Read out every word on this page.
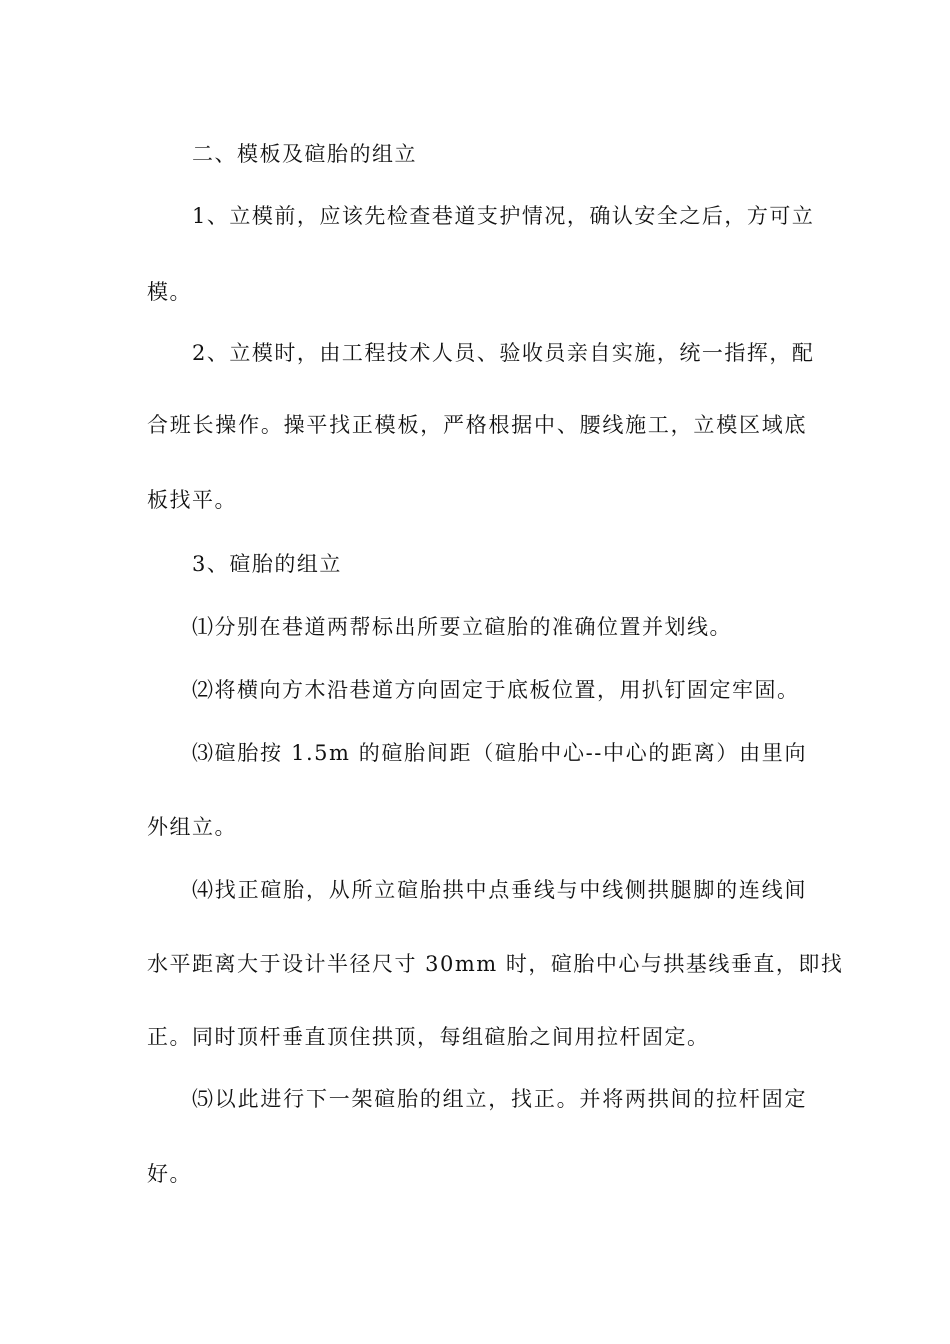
二、模板及碹胎的组立
1、立模前，应该先检查巷道支护情况，确认安全之后，方可立
模。
2、立模时，由工程技术人员、验收员亲自实施，统一指挥，配
合班长操作。操平找正模板，严格根据中、腰线施工，立模区域底
板找平。
3、碹胎的组立
⑴分别在巷道两帮标出所要立碹胎的准确位置并划线。
⑵将横向方木沿巷道方向固定于底板位置，用扒钉固定牢固。
⑶碹胎按 1.5m 的碹胎间距（碹胎中心--中心的距离）由里向
外组立。
⑷找正碹胎，从所立碹胎拱中点垂线与中线侧拱腿脚的连线间
水平距离大于设计半径尺寸 30mm 时，碹胎中心与拱基线垂直，即找
正。同时顶杆垂直顶住拱顶，每组碹胎之间用拉杆固定。
⑸以此进行下一架碹胎的组立，找正。并将两拱间的拉杆固定
好。
